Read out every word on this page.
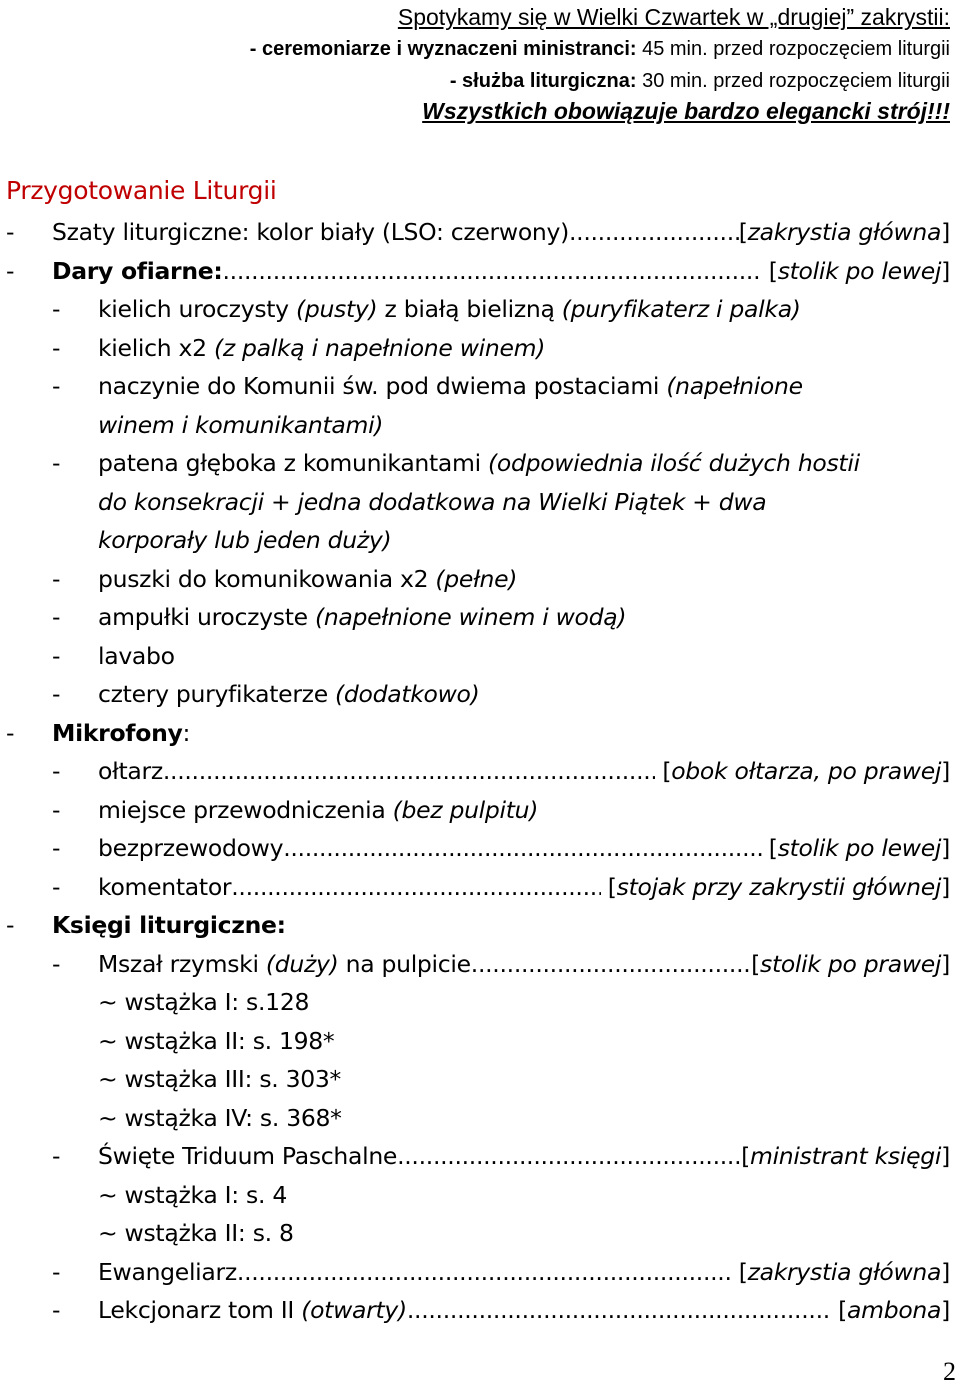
Spotykamy się w Wielki Czwartek w „drugiej” zakrystii:
- ceremoniarze i wyznaczeni ministranci: 45 min. przed rozpoczęciem liturgii
- służba liturgiczna: 30 min. przed rozpoczęciem liturgii
Wszystkich obowiązuje bardzo elegancki strój!!!
Przygotowanie Liturgii
-	Szaty liturgiczne: kolor biały (LSO: czerwony) .....	[zakrystia główna]
-	Dary ofiarne: .....	[stolik po lewej]
-	kielich uroczysty (pusty) z białą bielizną (puryfikaterz i palka)
-	kielich x2 (z palką i napełnione winem)
-	naczynie do Komunii św. pod dwiema postaciami (napełnione
winem i komunikantami)
-	patena głęboka z komunikantami (odpowiednia ilość dużych hostii
do konsekracji + jedna dodatkowa na Wielki Piątek + dwa
korporały lub jeden duży)
-	puszki do komunikowania x2 (pełne)
-	ampułki uroczyste (napełnione winem i wodą)
-	lavabo
-	cztery puryfikaterze (dodatkowo)
-	Mikrofony:
-	ołtarz .....	[obok ołtarza, po prawej]
-	miejsce przewodniczenia (bez pulpitu)
-	bezprzewodowy .....	[stolik po lewej]
-	komentator .....	[stojak przy zakrystii głównej]
-	Księgi liturgiczne:
-	Mszał rzymski (duży) na pulpicie .....	[stolik po prawej]
~ wstążka I: s.128
~ wstążka II: s. 198*
~ wstążka III: s. 303*
~ wstążka IV: s. 368*
-	Święte Triduum Paschalne .....	[ministrant księgi]
~ wstążka I: s. 4
~ wstążka II: s. 8
-	Ewangeliarz .....	[zakrystia główna]
-	Lekcjonarz tom II (otwarty) .....	[ambona]
2
